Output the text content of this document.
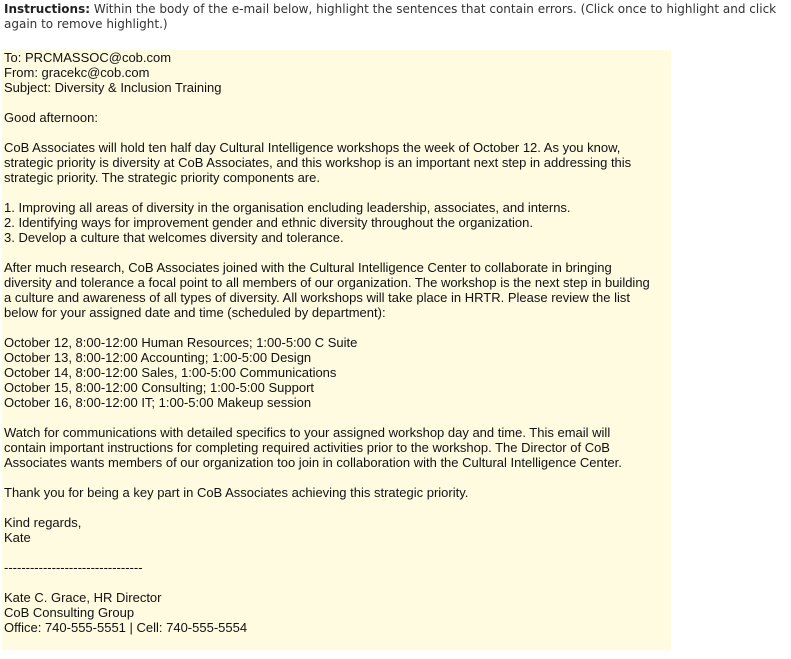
Instructions: Within the body of the e-mail below, highlight the sentences that contain errors. (Click once to highlight and click again to remove highlight.)
To: PRCMASSOC@cob.com
From: gracekc@cob.com
Subject: Diversity & Inclusion Training
Good afternoon:
CoB Associates will hold ten half day Cultural Intelligence workshops the week of October 12. As you know,
strategic priority is diversity at CoB Associates, and this workshop is an important next step in addressing this
strategic priority. The strategic priority components are.
1. Improving all areas of diversity in the organisation encluding leadership, associates, and interns.
2. Identifying ways for improvement gender and ethnic diversity throughout the organization.
3. Develop a culture that welcomes diversity and tolerance.
After much research, CoB Associates joined with the Cultural Intelligence Center to collaborate in bringing
diversity and tolerance a focal point to all members of our organization. The workshop is the next step in building
a culture and awareness of all types of diversity. All workshops will take place in HRTR. Please review the list
below for your assigned date and time (scheduled by department):
October 12, 8:00-12:00 Human Resources; 1:00-5:00 C Suite
October 13, 8:00-12:00 Accounting; 1:00-5:00 Design
October 14, 8:00-12:00 Sales, 1:00-5:00 Communications
October 15, 8:00-12:00 Consulting; 1:00-5:00 Support
October 16, 8:00-12:00 IT; 1:00-5:00 Makeup session
Watch for communications with detailed specifics to your assigned workshop day and time. This email will
contain important instructions for completing required activities prior to the workshop. The Director of CoB
Associates wants members of our organization too join in collaboration with the Cultural Intelligence Center.
Thank you for being a key part in CoB Associates achieving this strategic priority.
Kind regards,
Kate
--------------------------------
Kate C. Grace, HR Director
CoB Consulting Group
Office: 740-555-5551 | Cell: 740-555-5554
